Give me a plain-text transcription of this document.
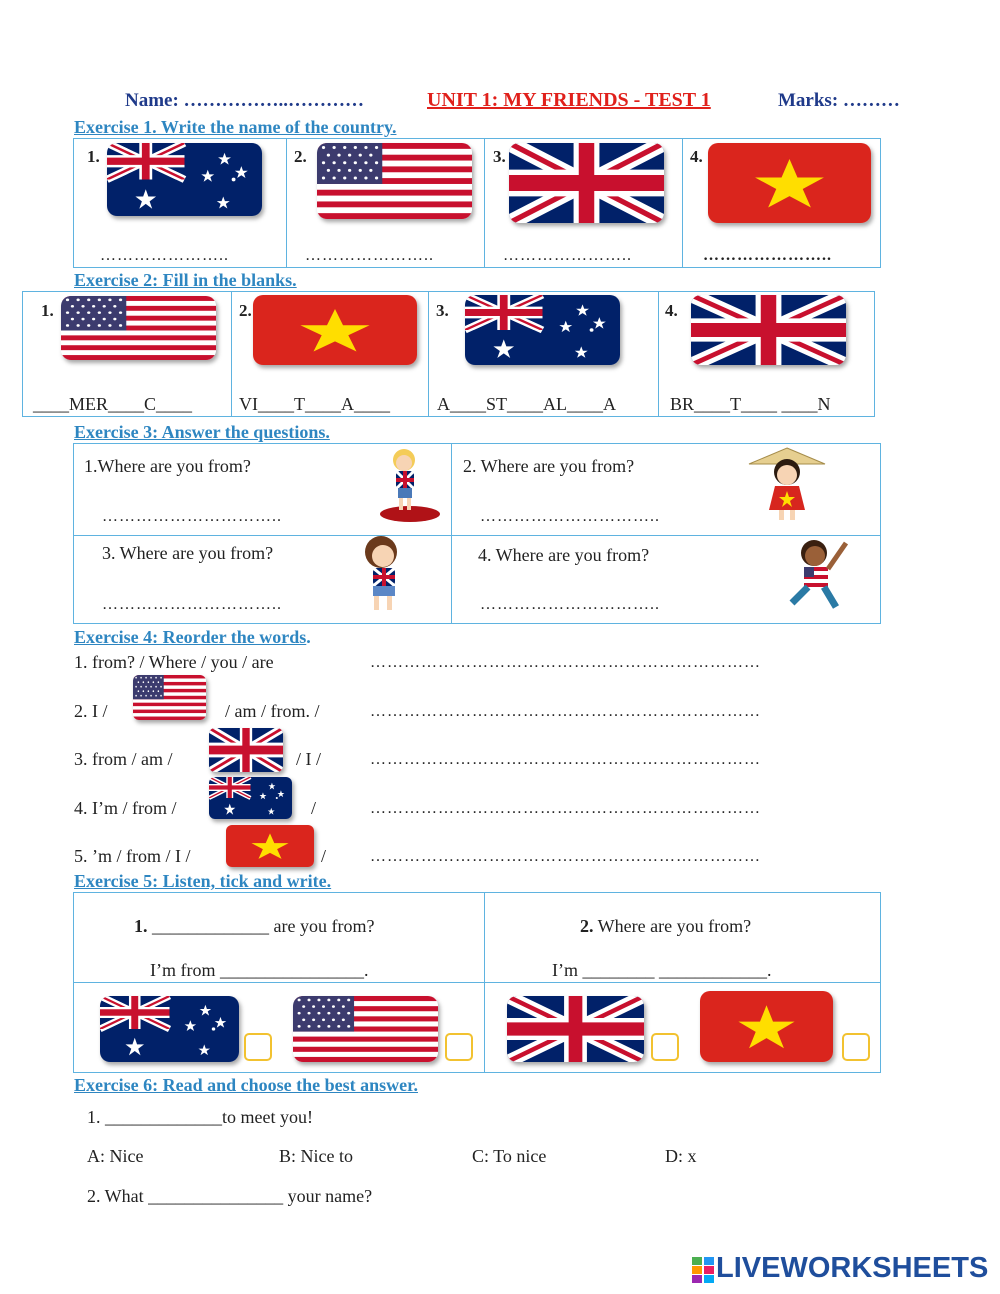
Name: ……………..…………	UNIT 1: MY FRIENDS - TEST 1	Marks: ………
Exercise 1. Write the name of the country.
1.
…………………..
2.
…………………..
3.
…………………..
4.
…………………..
Exercise 2: Fill in the blanks.
1.
____MER____C____
2.
VI____T____A____
3.
A____ST____AL____A
4.
BR____T____ ____N
Exercise 3: Answer the questions.
1.Where are you from?
…………………………..
2. Where are you from?
…………………………..
3. Where are you from?
…………………………..
4. Where are you from?
…………………………..
Exercise 4: Reorder the words.
1. from? / Where / you / are	……………………………………………………………
2. I /	/ am / from. /	……………………………………………………………
3. from / am /	/ I /	……………………………………………………………
4. I’m / from /	/	……………………………………………………………
5. ’m / from / I /	/	……………………………………………………………
Exercise 5: Listen, tick and write.
1. _____________ are you from?
I’m from ________________.
2. Where are you from?
I’m ________ ____________.
Exercise 6: Read and choose the best answer.
1. _____________to meet you!
A: Nice	B: Nice to	C: To nice	D: x
2. What _______________ your name?
LIVEWORKSHEETS
